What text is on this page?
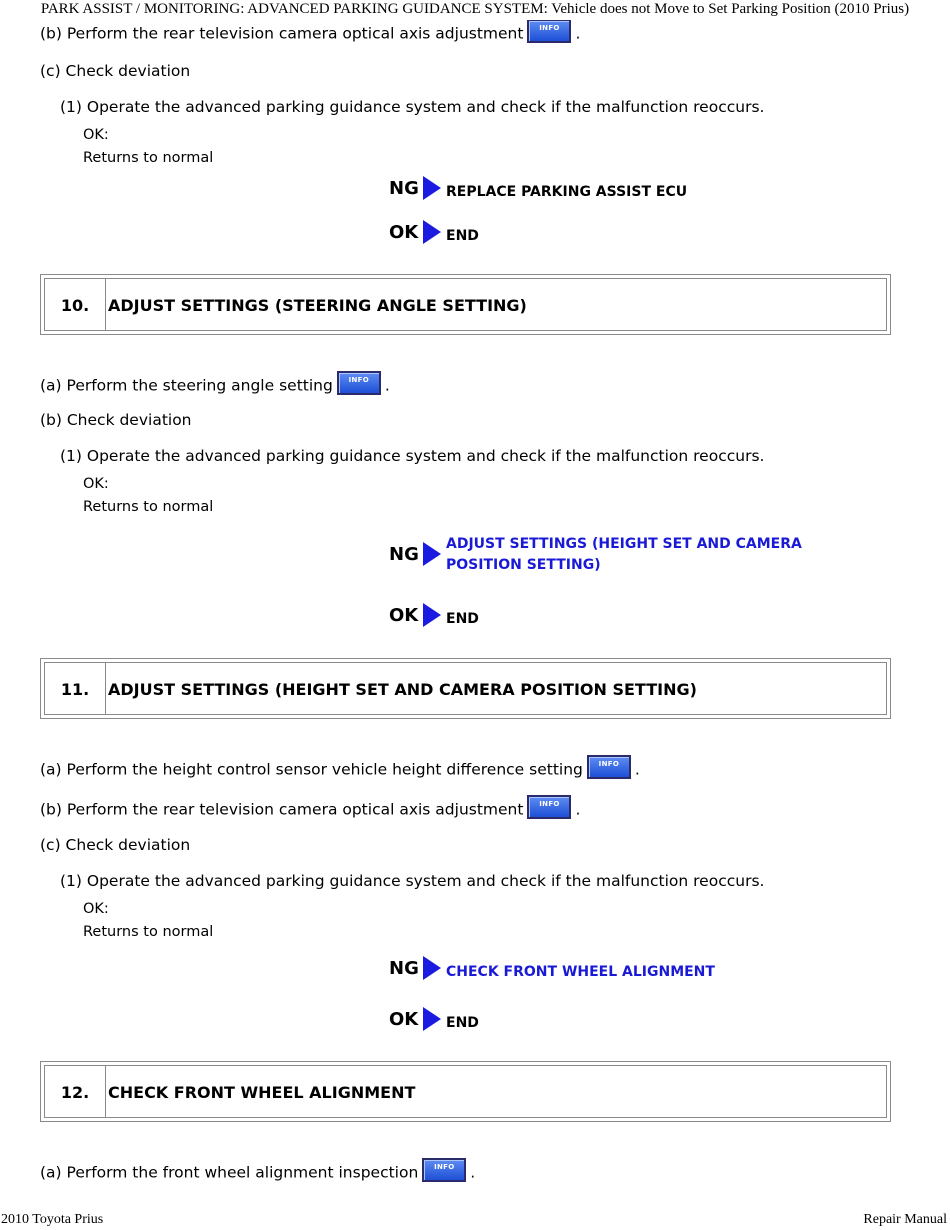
PARK ASSIST / MONITORING: ADVANCED PARKING GUIDANCE SYSTEM: Vehicle does not Move to Set Parking Position (2010 Prius)
2010 Toyota Prius	Repair Manual
(b) Perform the rear television camera optical axis adjustment	INFO	.
(c) Check deviation
(1) Operate the advanced parking guidance system and check if the malfunction reoccurs.
OK:
Returns to normal
NG REPLACE PARKING ASSIST ECU
OK END
10.	ADJUST SETTINGS (STEERING ANGLE SETTING)
(a) Perform the steering angle setting	INFO	.
(b) Check deviation
(1) Operate the advanced parking guidance system and check if the malfunction reoccurs.
OK:
Returns to normal
NG ADJUST SETTINGS (HEIGHT SET AND CAMERA
POSITION SETTING)
OK END
11.	ADJUST SETTINGS (HEIGHT SET AND CAMERA POSITION SETTING)
(a) Perform the height control sensor vehicle height difference setting	INFO	.
(b) Perform the rear television camera optical axis adjustment	INFO	.
(c) Check deviation
(1) Operate the advanced parking guidance system and check if the malfunction reoccurs.
OK:
Returns to normal
NG CHECK FRONT WHEEL ALIGNMENT
OK END
12.	CHECK FRONT WHEEL ALIGNMENT
(a) Perform the front wheel alignment inspection	INFO	.
